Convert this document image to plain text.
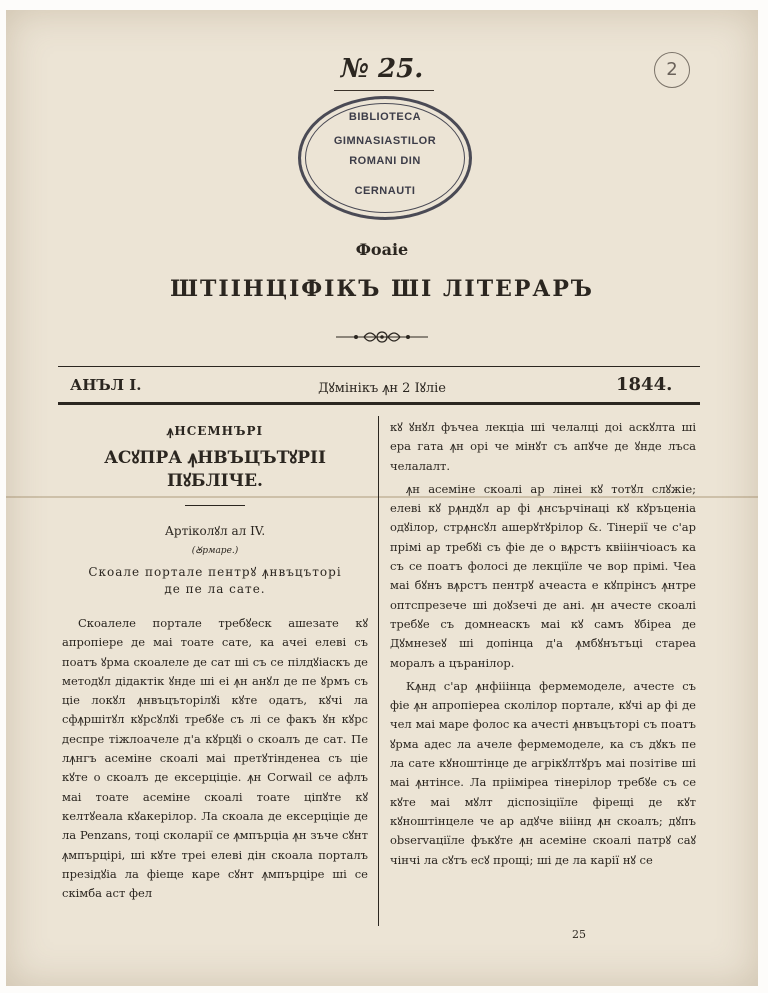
№ 25.	2
BIBLIOTECA
GIMNASIASTILOR
ROMANI DIN
CERNAUTI
Фоаіе
ШТІІНЦІФІКЪ ШІ ЛІТЕРАРЪ
АНЪЛ I.	Дꙋмінікъ ꙟн 2 Іꙋліе	1844.
ꙟНСЕМНЪРІ
АСꙋПРА ꙟНВЪЦЪТꙋРІІ ПꙋБЛІЧЕ.
Артіколꙋл ал IV.
(Ꙋрмаре.)
Скоале портале пентрꙋ ꙟнвъцъторі де пе ла сате.

Скоалеле портале требꙋеск ашезате кꙋ апропіере де маі тоате сате, ка ачеі елеві съ поатъ ꙋрма скоалеле де сат ші съ се пілдꙋіаскъ де методꙋл дідактік ꙋнде ші еі ꙟн анꙋл де пе ꙋрмъ съ ціе локꙋл ꙟнвъцъторілꙋі кꙋте одатъ, кꙋчі ла сфꙟршітꙋл кꙋрсꙋлꙋі требꙋе съ лі се факъ ꙋн кꙋрс деспре тіжлоачеле д'а кꙋрцꙋі о скоалъ де сат. Пе лꙟнгъ асеміне скоалі маі претꙋтінденеа съ ціе кꙋте о скоалъ де ексерціціе. ꙟн Corwail се афлъ маі тоате асеміне скоалі тоате ціпꙋте кꙋ келтꙋеала кꙋакерілор. Ла скоала де ексерціціе де ла Penzans, тоці сколарії се ꙟмпърціа ꙟн зъче сꙋнт ꙟмпърцірі, ші кꙋте треі елеві дін скоала порталъ презідꙋіа ла фіеще каре сꙋнт ꙟмпърціре ші се скімба аст фел

кꙋ ꙋнꙋл фъчеа лекціа ші челалці доі аскꙋлта ші ера гата ꙟн орі че мінꙋт съ апꙋче де ꙋнде лъса челалалт.

ꙟн асеміне скоалі ар лінеі кꙋ тотꙋл слꙋжіе; елеві кꙋ рꙟндꙋл ар фі ꙟнсърчінаці кꙋ кꙋръценіа одꙋілор, стрꙟнсꙋл ашерꙋтꙋрілор &. Тінерії че с'ар прімі ар требꙋі съ фіе де о вꙟрстъ квііінчіоасъ ка съ се поатъ фолосі де лекціїле че вор прімі. Чеа маі бꙋнъ вꙟрстъ пентрꙋ ачеаста е кꙋпрінсъ ꙟнтре оптспрезече ші доꙋзечі де ані. ꙟн ачесте скоалі требꙋе съ домнеаскъ маі кꙋ самъ ꙋбіреа де Дꙋмнезеꙋ ші допінца д'а ꙟмбꙋнътъці стареа моралъ а църанілор.

Кꙟнд с'ар ꙟнфііінца фермемоделе, ачесте съ фіе ꙟн апропіереа сколілор портале, кꙋчі ар фі де чел маі маре фолос ка ачесті ꙟнвъцъторі съ поатъ ꙋрма адес ла ачеле фермемоделе, ка съ дꙋкъ пе ла сате кꙋноштінце де агрікꙋлтꙋръ маі позітіве ші маі ꙟнтінсе. Ла прііміреа тінерілор требꙋе съ се кꙋте маі мꙋлт діспозіціїле фірещі де кꙋт кꙋноштінцеле че ар адꙋче вііінд ꙟн скоалъ; дꙋпъ observaціїле фъкꙋте ꙟн асеміне скоалі патрꙋ саꙋ чінчі ла сꙋтъ есꙋ прощі; ші де ла карії нꙋ се

25
